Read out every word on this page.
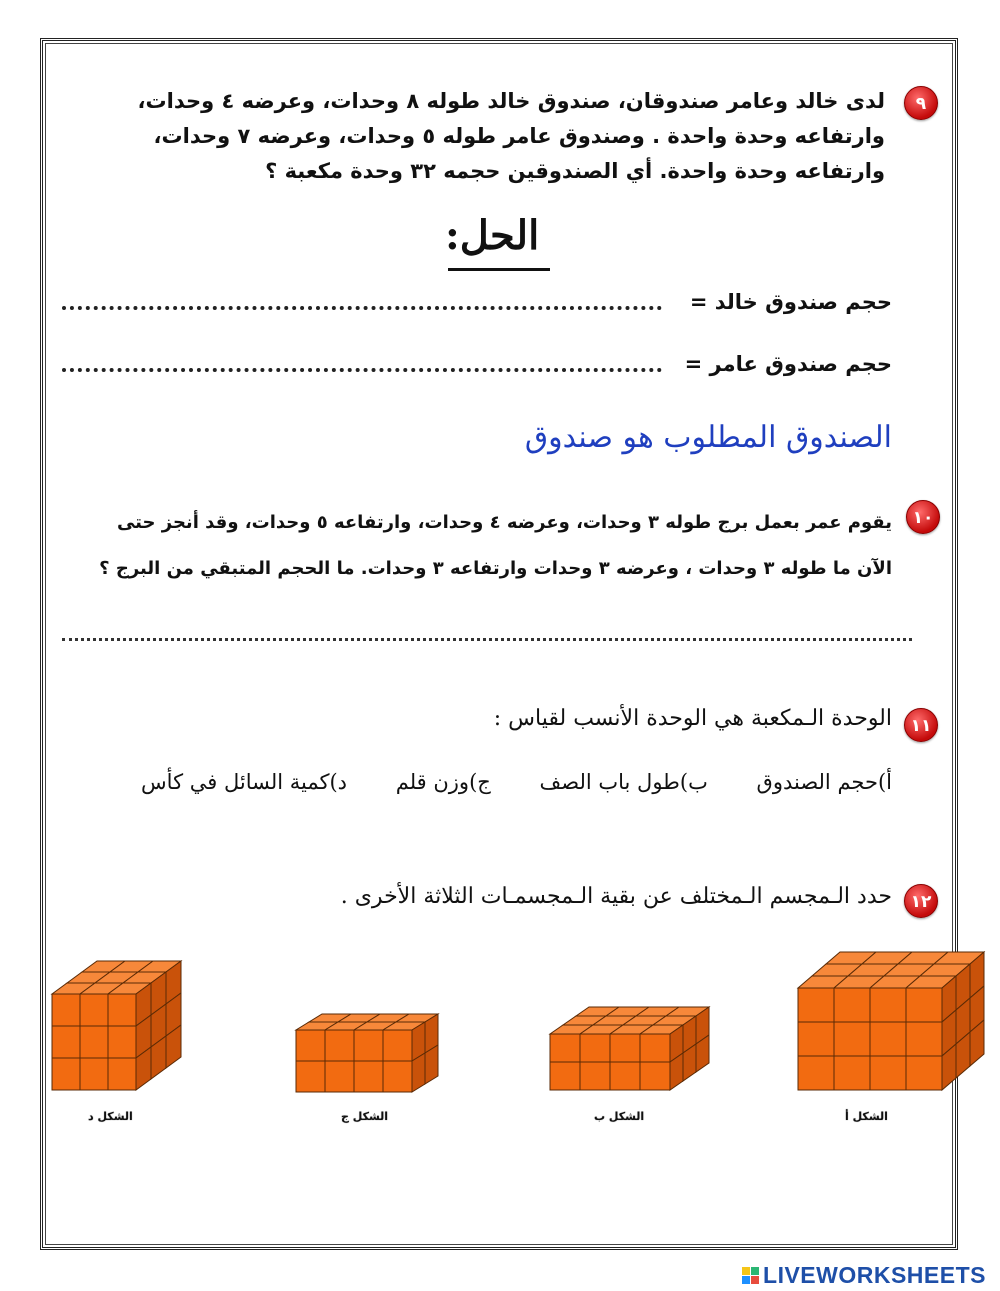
٩
لدى خالد وعامر صندوقان، صندوق خالد طوله ٨ وحدات، وعرضه ٤ وحدات،
وارتفاعه وحدة واحدة . وصندوق عامر طوله ٥ وحدات، وعرضه ٧ وحدات،
وارتفاعه وحدة واحدة. أي الصندوقين حجمه ٣٢ وحدة مكعبة ؟
الحل:
حجم صندوق خالد =
حجم صندوق عامر =
الصندوق المطلوب هو صندوق
١٠
يقوم عمر بعمل برج طوله ٣ وحدات، وعرضه ٤ وحدات، وارتفاعه ٥ وحدات، وقد أنجز حتى
الآن ما طوله ٣ وحدات ، وعرضه ٣ وحدات وارتفاعه ٣ وحدات. ما الحجم المتبقي من البرج ؟
١١
الوحدة الـمكعبة هي الوحدة الأنسب لقياس :
أ)حجم الصندوق ب)طول باب الصف ج)وزن قلم د)كمية السائل في كأس
١٢
حدد الـمجسم الـمختلف عن بقية الـمجسمـات الثلاثة الأخرى .
الشكل أ
الشكل ب
الشكل ج
الشكل د
LIVEWORKSHEETS
